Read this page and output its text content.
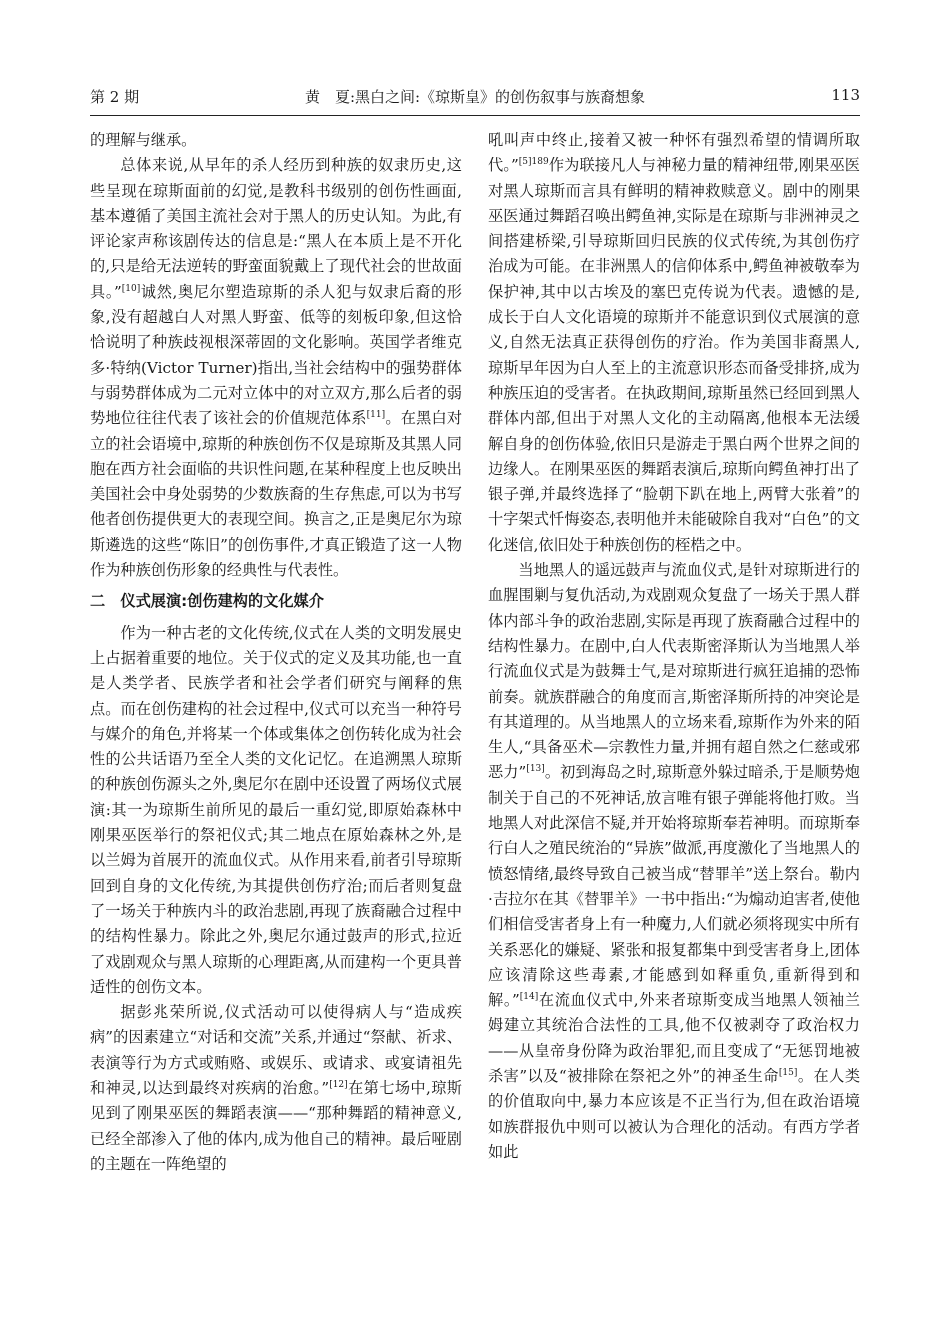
第 2 期	黄　夏:黑白之间:《琼斯皇》的创伤叙事与族裔想象	113

的理解与继承。

总体来说,从早年的杀人经历到种族的奴隶历史,这些呈现在琼斯面前的幻觉,是教科书级别的创伤性画面,基本遵循了美国主流社会对于黑人的历史认知。为此,有评论家声称该剧传达的信息是:“黑人在本质上是不开化的,只是给无法逆转的野蛮面貌戴上了现代社会的世故面具。”[10]诚然,奥尼尔塑造琼斯的杀人犯与奴隶后裔的形象,没有超越白人对黑人野蛮、低等的刻板印象,但这恰恰说明了种族歧视根深蒂固的文化影响。英国学者维克多·特纳(Victor Turner)指出,当社会结构中的强势群体与弱势群体成为二元对立体中的对立双方,那么后者的弱势地位往往代表了该社会的价值规范体系[11]。在黑白对立的社会语境中,琼斯的种族创伤不仅是琼斯及其黑人同胞在西方社会面临的共识性问题,在某种程度上也反映出美国社会中身处弱势的少数族裔的生存焦虑,可以为书写他者创伤提供更大的表现空间。换言之,正是奥尼尔为琼斯遴选的这些“陈旧”的创伤事件,才真正锻造了这一人物作为种族创伤形象的经典性与代表性。

二　仪式展演:创伤建构的文化媒介

作为一种古老的文化传统,仪式在人类的文明发展史上占据着重要的地位。关于仪式的定义及其功能,也一直是人类学者、民族学者和社会学者们研究与阐释的焦点。而在创伤建构的社会过程中,仪式可以充当一种符号与媒介的角色,并将某一个体或集体之创伤转化成为社会性的公共话语乃至全人类的文化记忆。在追溯黑人琼斯的种族创伤源头之外,奥尼尔在剧中还设置了两场仪式展演:其一为琼斯生前所见的最后一重幻觉,即原始森林中刚果巫医举行的祭祀仪式;其二地点在原始森林之外,是以兰姆为首展开的流血仪式。从作用来看,前者引导琼斯回到自身的文化传统,为其提供创伤疗治;而后者则复盘了一场关于种族内斗的政治悲剧,再现了族裔融合过程中的结构性暴力。除此之外,奥尼尔通过鼓声的形式,拉近了戏剧观众与黑人琼斯的心理距离,从而建构一个更具普适性的创伤文本。

据彭兆荣所说,仪式活动可以使得病人与“造成疾病”的因素建立“对话和交流”关系,并通过“祭献、祈求、表演等行为方式或贿赂、或娱乐、或请求、或宴请祖先和神灵,以达到最终对疾病的治愈。”[12]在第七场中,琼斯见到了刚果巫医的舞蹈表演——“那种舞蹈的精神意义,已经全部渗入了他的体内,成为他自己的精神。最后哑剧的主题在一阵绝望的

吼叫声中终止,接着又被一种怀有强烈希望的情调所取代。”$^{[5]189}$作为联接凡人与神秘力量的精神纽带,刚果巫医对黑人琼斯而言具有鲜明的精神救赎意义。剧中的刚果巫医通过舞蹈召唤出鳄鱼神,实际是在琼斯与非洲神灵之间搭建桥梁,引导琼斯回归民族的仪式传统,为其创伤疗治成为可能。在非洲黑人的信仰体系中,鳄鱼神被敬奉为保护神,其中以古埃及的塞巴克传说为代表。遗憾的是,成长于白人文化语境的琼斯并不能意识到仪式展演的意义,自然无法真正获得创伤的疗治。作为美国非裔黑人,琼斯早年因为白人至上的主流意识形态而备受排挤,成为种族压迫的受害者。在执政期间,琼斯虽然已经回到黑人群体内部,但出于对黑人文化的主动隔离,他根本无法缓解自身的创伤体验,依旧只是游走于黑白两个世界之间的边缘人。在刚果巫医的舞蹈表演后,琼斯向鳄鱼神打出了银子弹,并最终选择了“脸朝下趴在地上,两臂大张着”的十字架式忏悔姿态,表明他并未能破除自我对“白色”的文化迷信,依旧处于种族创伤的桎梏之中。

当地黑人的遥远鼓声与流血仪式,是针对琼斯进行的血腥围剿与复仇活动,为戏剧观众复盘了一场关于黑人群体内部斗争的政治悲剧,实际是再现了族裔融合过程中的结构性暴力。在剧中,白人代表斯密泽斯认为当地黑人举行流血仪式是为鼓舞士气,是对琼斯进行疯狂追捕的恐怖前奏。就族群融合的角度而言,斯密泽斯所持的冲突论是有其道理的。从当地黑人的立场来看,琼斯作为外来的陌生人,“具备巫术—宗教性力量,并拥有超自然之仁慈或邪恶力”[13]。初到海岛之时,琼斯意外躲过暗杀,于是顺势炮制关于自己的不死神话,放言唯有银子弹能将他打败。当地黑人对此深信不疑,并开始将琼斯奉若神明。而琼斯奉行白人之殖民统治的“异族”做派,再度激化了当地黑人的愤怒情绪,最终导致自己被当成“替罪羊”送上祭台。勒内·吉拉尔在其《替罪羊》一书中指出:“为煽动迫害者,使他们相信受害者身上有一种魔力,人们就必须将现实中所有关系恶化的嫌疑、紧张和报复都集中到受害者身上,团体应该清除这些毒素,才能感到如释重负,重新得到和解。”[14]在流血仪式中,外来者琼斯变成当地黑人领袖兰姆建立其统治合法性的工具,他不仅被剥夺了政治权力——从皇帝身份降为政治罪犯,而且变成了“无惩罚地被杀害”以及“被排除在祭祀之外”的神圣生命[15]。在人类的价值取向中,暴力本应该是不正当行为,但在政治语境如族群报仇中则可以被认为合理化的活动。有西方学者如此
